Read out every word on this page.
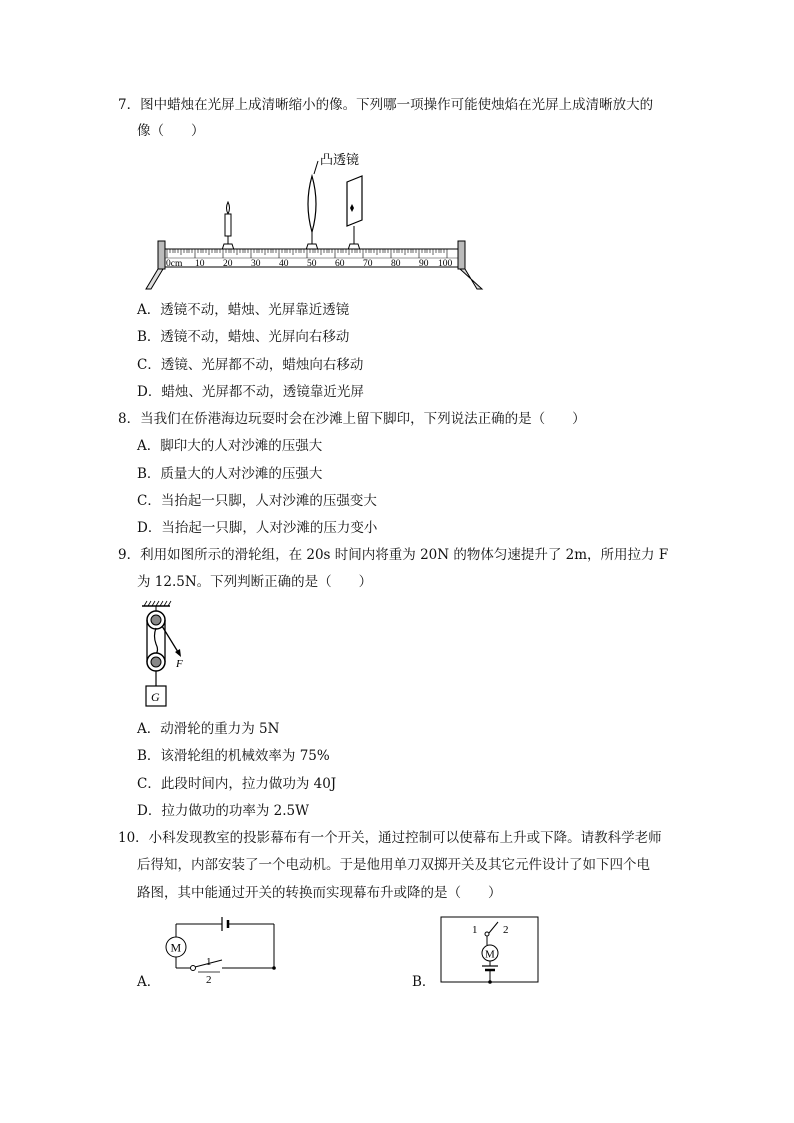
7．图中蜡烛在光屏上成清晰缩小的像。下列哪一项操作可能使烛焰在光屏上成清晰放大的
像（　　）
凸透镜
0cm 10 20 30 40 50 60 70 80 90 100
A．透镜不动，蜡烛、光屏靠近透镜
B．透镜不动，蜡烛、光屏向右移动
C．透镜、光屏都不动，蜡烛向右移动
D．蜡烛、光屏都不动，透镜靠近光屏
8．当我们在侨港海边玩耍时会在沙滩上留下脚印，下列说法正确的是（　　）
A．脚印大的人对沙滩的压强大
B．质量大的人对沙滩的压强大
C．当抬起一只脚，人对沙滩的压强变大
D．当抬起一只脚，人对沙滩的压力变小
9．利用如图所示的滑轮组，在 20s 时间内将重为 20N 的物体匀速提升了 2m，所用拉力 F
为 12.5N。下列判断正确的是（　　）
F
G
A．动滑轮的重力为 5N
B．该滑轮组的机械效率为 75%
C．此段时间内，拉力做功为 40J
D．拉力做功的功率为 2.5W
10．小科发现教室的投影幕布有一个开关，通过控制可以使幕布上升或下降。请教科学老师
后得知，内部安装了一个电动机。于是他用单刀双掷开关及其它元件设计了如下四个电
路图，其中能通过开关的转换而实现幕布升或降的是（　　）
A．
M
1
2	B．
1 2
M
